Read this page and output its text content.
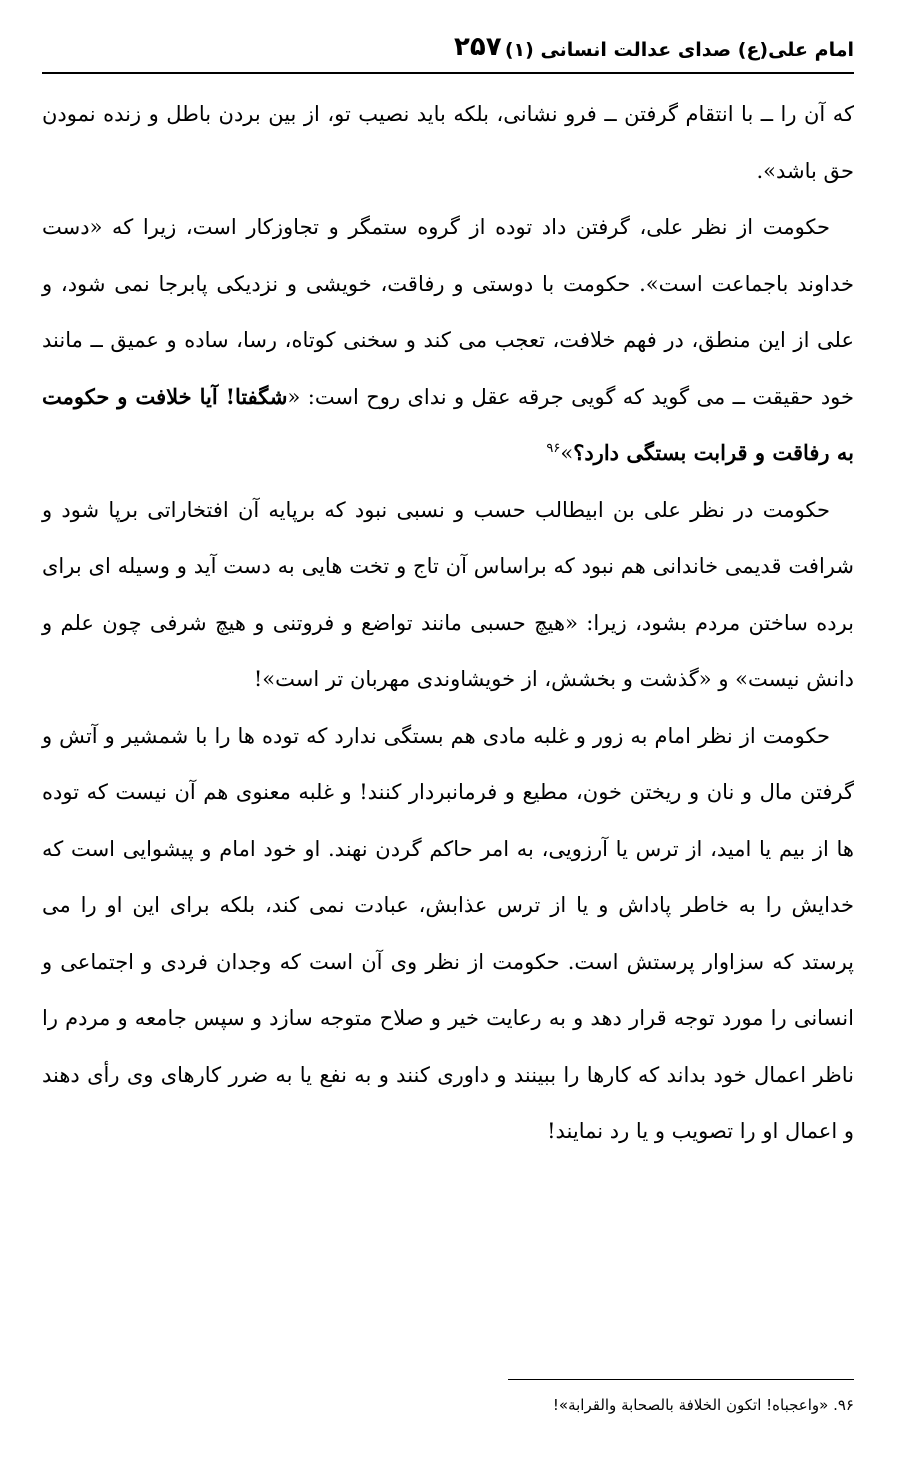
امام علی(ع) صدای عدالت انسانی (۱)
۲۵۷

که آن را ــ با انتقام گرفتن ــ فرو نشانی، بلکه باید نصیب تو، از بین بردن باطل و زنده نمودن حق باشد».

حکومت از نظر علی، گرفتن داد توده از گروه ستمگر و تجاوزکار است، زیرا که «دست خداوند باجماعت است». حکومت با دوستی و رفاقت، خویشی و نزدیکی پابرجا نمی شود، و علی از این منطق، در فهم خلافت، تعجب می کند و سخنی کوتاه، رسا، ساده و عمیق ــ مانند خود حقیقت ــ می گوید که گویی جرقه عقل و ندای روح است: «شگفتا! آیا خلافت و حکومت به رفاقت و قرابت بستگی دارد؟»$^{۹۶}$

حکومت در نظر علی بن ابیطالب حسب و نسبی نبود که برپایه آن افتخاراتی برپا شود و شرافت قدیمی خاندانی هم نبود که براساس آن تاج و تخت هایی به دست آید و وسیله ای برای برده ساختن مردم بشود، زیرا: «هیچ حسبی مانند تواضع و فروتنی و هیچ شرفی چون علم و دانش نیست» و «گذشت و بخشش، از خویشاوندی مهربان تر است»!

حکومت از نظر امام به زور و غلبه مادی هم بستگی ندارد که توده ها را با شمشیر و آتش و گرفتن مال و نان و ریختن خون، مطیع و فرمانبردار کنند! و غلبه معنوی هم آن نیست که توده ها از بیم یا امید، از ترس یا آرزویی، به امر حاکم گردن نهند. او خود امام و پیشوایی است که خدایش را به خاطر پاداش و یا از ترس عذابش، عبادت نمی کند، بلکه برای این او را می پرستد که سزاوار پرستش است. حکومت از نظر وی آن است که وجدان فردی و اجتماعی و انسانی را مورد توجه قرار دهد و به رعایت خیر و صلاح متوجه سازد و سپس جامعه و مردم را ناظر اعمال خود بداند که کارها را ببینند و داوری کنند و به نفع یا به ضرر کارهای وی رأی دهند و اعمال او را تصویب و یا رد نمایند!

۹۶. «واعجباه! اتکون الخلافة بالصحابة والقرابة»!
